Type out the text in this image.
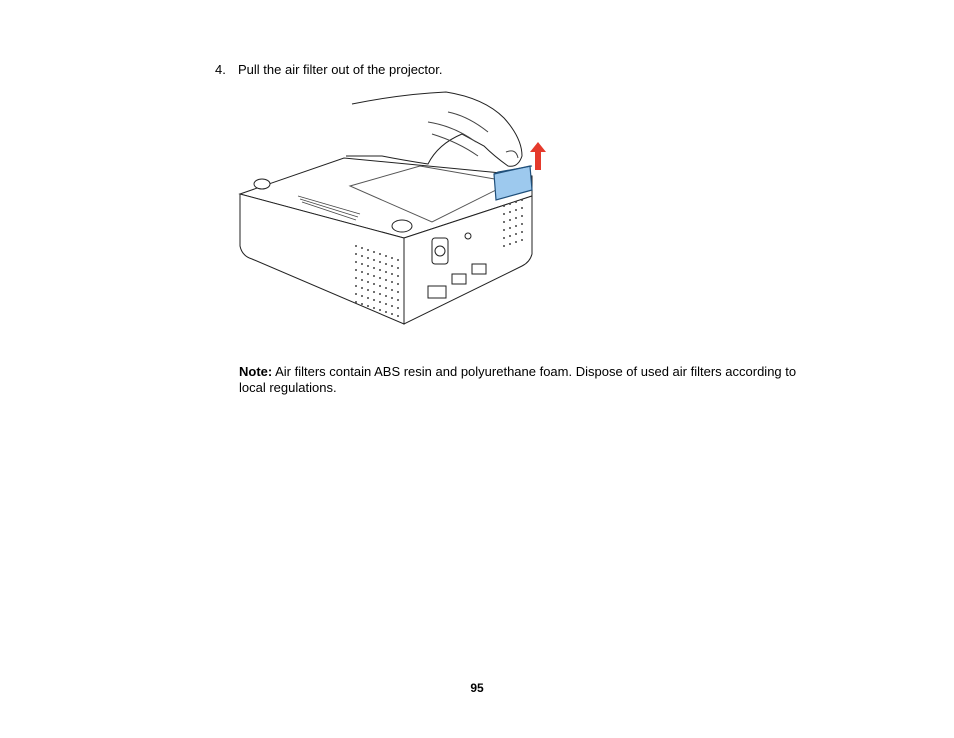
4. Pull the air filter out of the projector.
Note: Air filters contain ABS resin and polyurethane foam. Dispose of used air filters according to local regulations.
95
